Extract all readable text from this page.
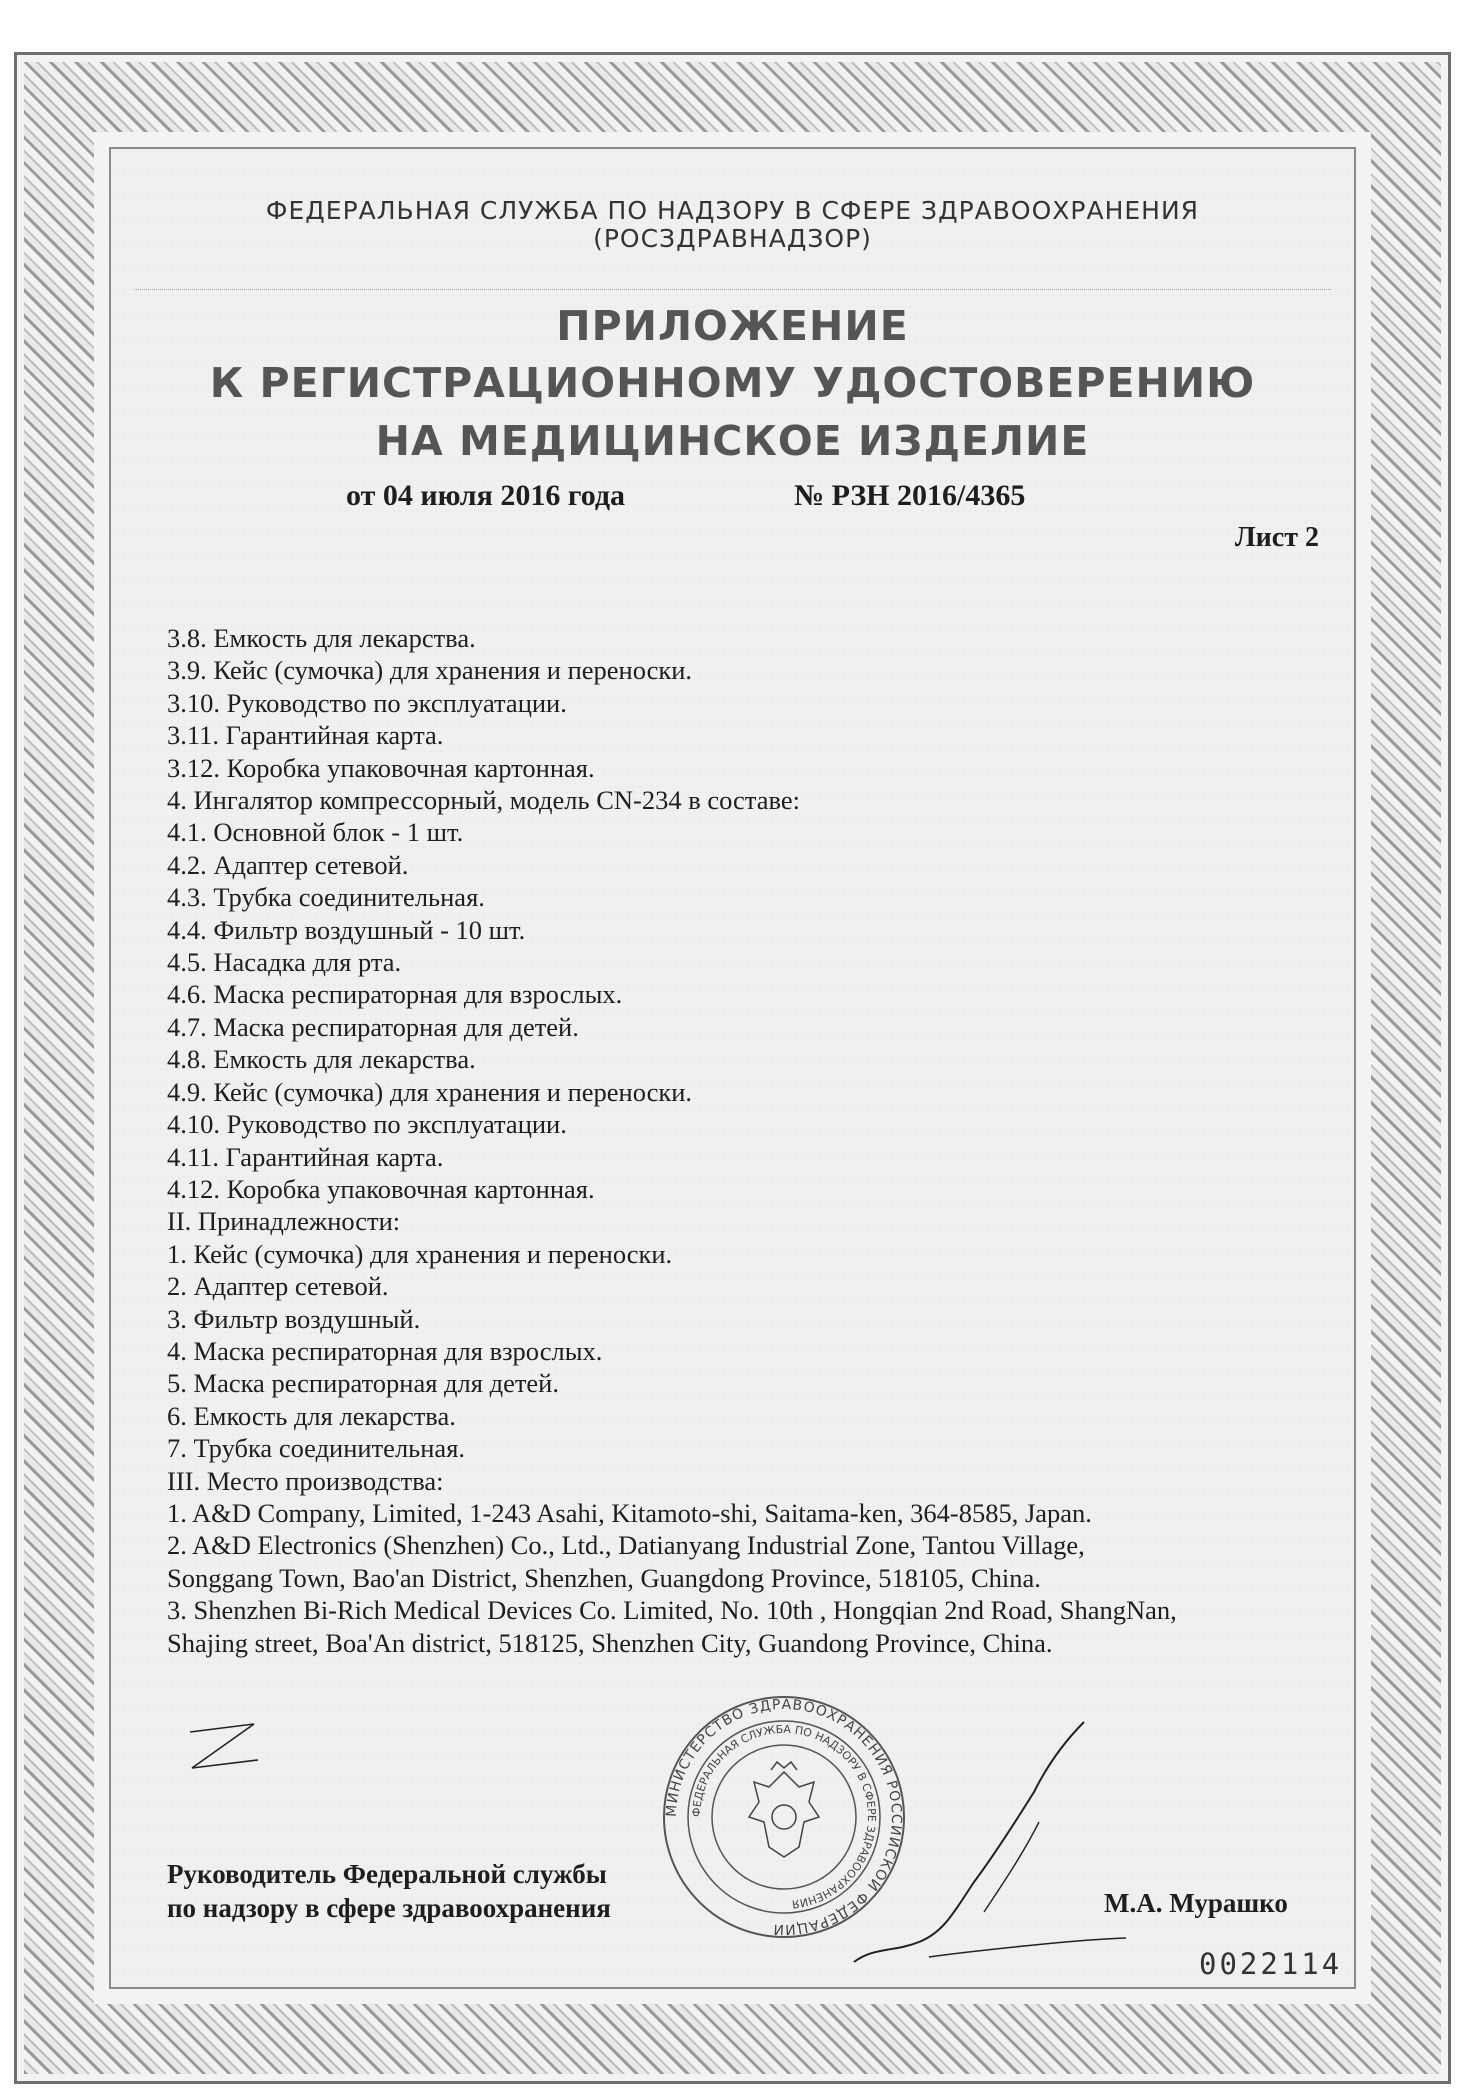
ФЕДЕРАЛЬНАЯ СЛУЖБА ПО НАДЗОРУ В СФЕРЕ ЗДРАВООХРАНЕНИЯ
(РОСЗДРАВНАДЗОР)
ПРИЛОЖЕНИЕ
К РЕГИСТРАЦИОННОМУ УДОСТОВЕРЕНИЮ
НА МЕДИЦИНСКОЕ ИЗДЕЛИЕ
от 04 июля 2016 года	№ РЗН 2016/4365
Лист 2
3.8. Емкость для лекарства.
3.9. Кейс (сумочка) для хранения и переноски.
3.10. Руководство по эксплуатации.
3.11. Гарантийная карта.
3.12. Коробка упаковочная картонная.
4. Ингалятор компрессорный, модель CN-234 в составе:
4.1. Основной блок - 1 шт.
4.2. Адаптер сетевой.
4.3. Трубка соединительная.
4.4. Фильтр воздушный - 10 шт.
4.5. Насадка для рта.
4.6. Маска респираторная для взрослых.
4.7. Маска респираторная для детей.
4.8. Емкость для лекарства.
4.9. Кейс (сумочка) для хранения и переноски.
4.10. Руководство по эксплуатации.
4.11. Гарантийная карта.
4.12. Коробка упаковочная картонная.
II. Принадлежности:
1. Кейс (сумочка) для хранения и переноски.
2. Адаптер сетевой.
3. Фильтр воздушный.
4. Маска респираторная для взрослых.
5. Маска респираторная для детей.
6. Емкость для лекарства.
7. Трубка соединительная.
III. Место производства:
1. A&D Company, Limited, 1-243 Asahi, Kitamoto-shi, Saitama-ken, 364-8585, Japan.
2. A&D Electronics (Shenzhen) Co., Ltd., Datianyang Industrial Zone, Tantou Village,
Songgang Town, Bao'an District, Shenzhen, Guangdong Province, 518105, China.
3. Shenzhen Bi-Rich Medical Devices Co. Limited, No. 10th , Hongqian 2nd Road, ShangNan,
Shajing street, Boa'An district, 518125, Shenzhen City, Guandong Province, China.
Руководитель Федеральной службы
по надзору в сфере здравоохранения
МИНИСТЕРСТВО ЗДРАВООХРАНЕНИЯ РОССИЙСКОЙ ФЕДЕРАЦИИ
ФЕДЕРАЛЬНАЯ СЛУЖБА ПО НАДЗОРУ В СФЕРЕ ЗДРАВООХРАНЕНИЯ	М.А. Мурашко
0022114
